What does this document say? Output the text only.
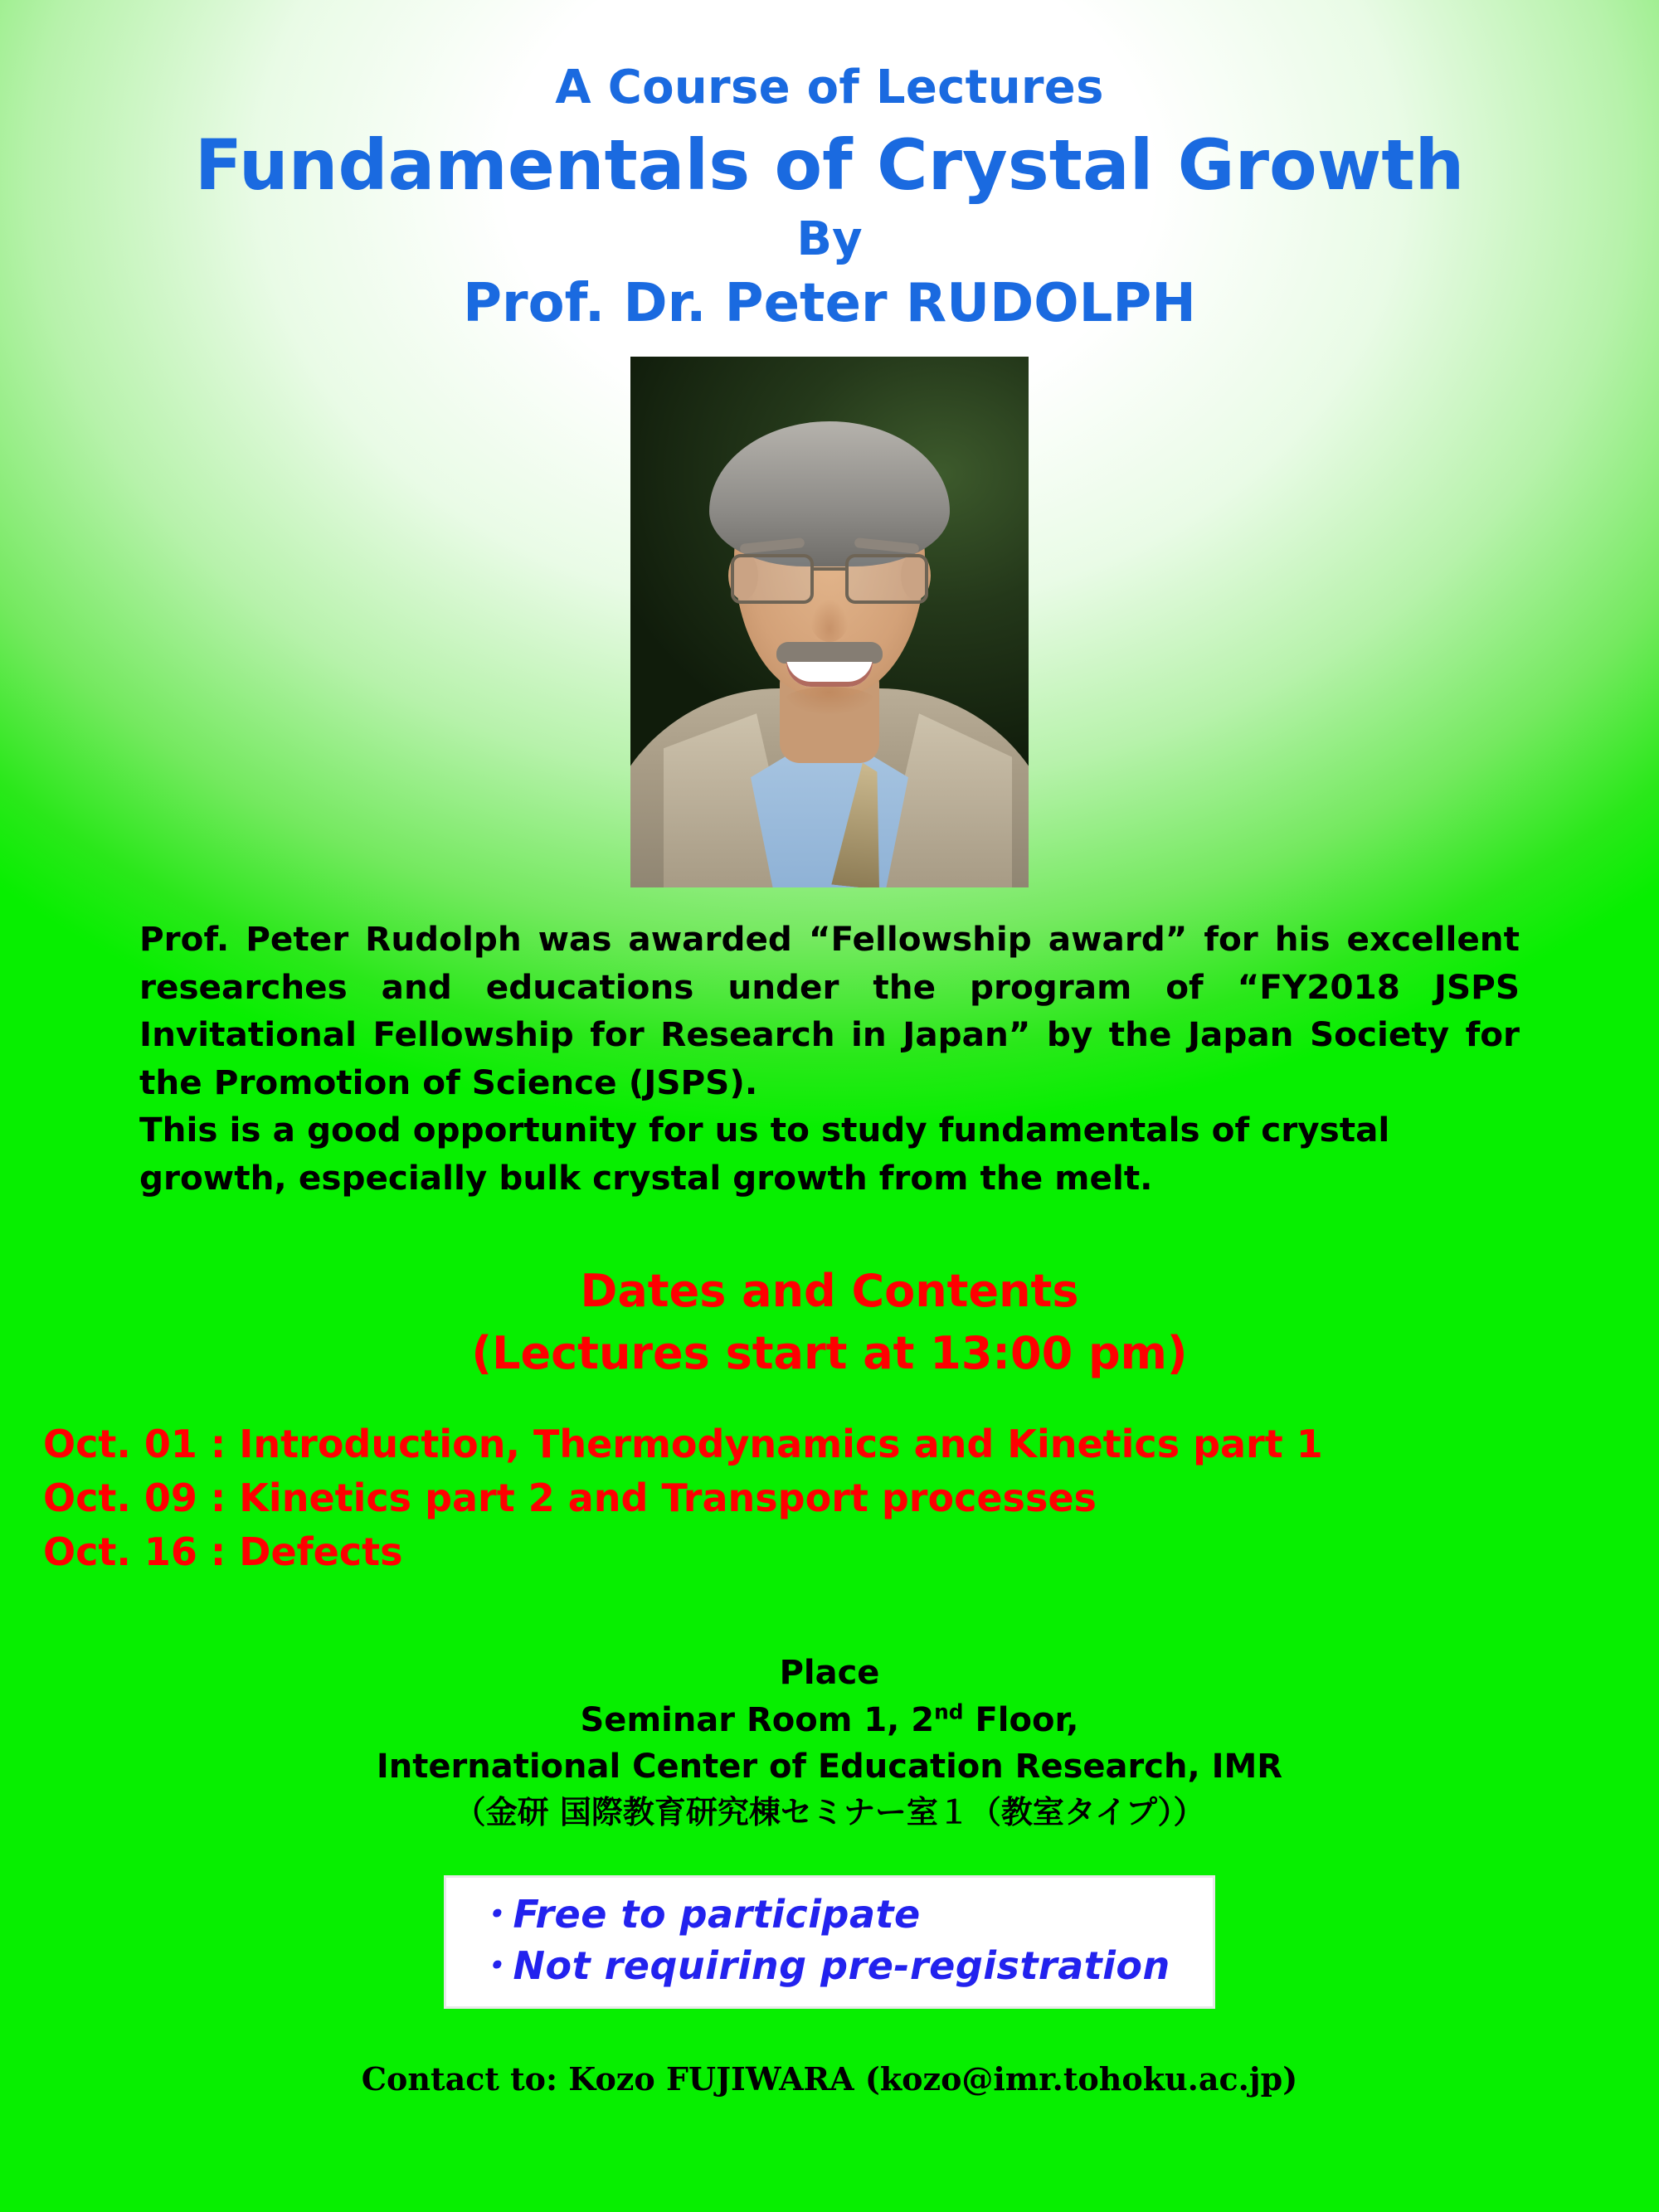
A Course of Lectures
Fundamentals of Crystal Growth
By
Prof. Dr. Peter RUDOLPH

Prof. Peter Rudolph was awarded “Fellowship award” for his excellent researches and educations under the program of “FY2018 JSPS Invitational Fellowship for Research in Japan” by the Japan Society for the Promotion of Science (JSPS).

This is a good opportunity for us to study fundamentals of crystal growth, especially bulk crystal growth from the melt.

Dates and Contents
(Lectures start at 13:00 pm)
Oct. 01 : Introduction, Thermodynamics and Kinetics part 1
Oct. 09 : Kinetics part 2 and Transport processes
Oct. 16 : Defects
Place
Seminar Room 1, 2nd Floor,
International Center of Education Research, IMR
（金研 国際教育研究棟セミナー室１（教室タイプ））
・Free to participate
・Not requiring pre-registration
Contact to: Kozo FUJIWARA (kozo@imr.tohoku.ac.jp)
